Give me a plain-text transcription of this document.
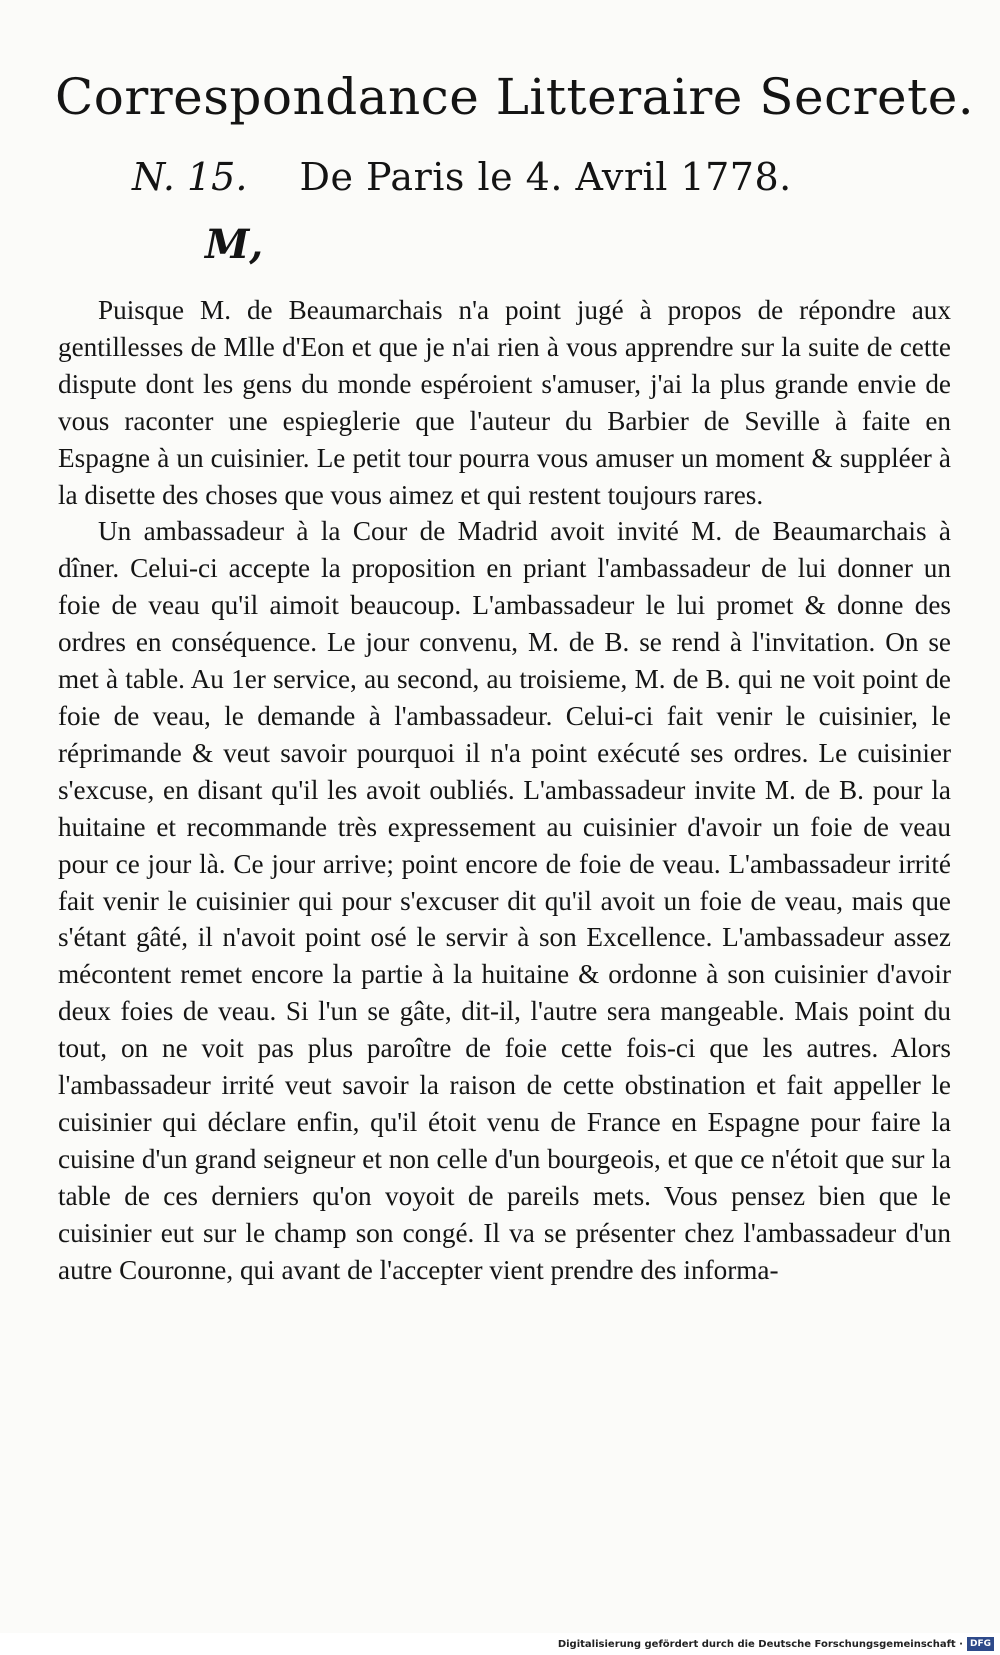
Correspondance Litteraire Secrete.
N. 15. De Paris le 4. Avril 1778.
M,

Puisque M. de Beaumarchais n'a point jugé à propos de répondre aux gentillesses de Mlle d'Eon et que je n'ai rien à vous apprendre sur la suite de cette dispute dont les gens du monde espéroient s'amuser, j'ai la plus grande envie de vous raconter une espieglerie que l'auteur du Barbier de Seville à faite en Espagne à un cuisinier. Le petit tour pourra vous amuser un moment & suppléer à la disette des choses que vous aimez et qui restent toujours rares.

Un ambassadeur à la Cour de Madrid avoit invité M. de Beaumarchais à dîner. Celui-ci accepte la proposition en priant l'ambassadeur de lui donner un foie de veau qu'il aimoit beaucoup. L'ambassadeur le lui promet & donne des ordres en conséquence. Le jour convenu, M. de B. se rend à l'invitation. On se met à table. Au 1er service, au second, au troisieme, M. de B. qui ne voit point de foie de veau, le demande à l'ambassadeur. Celui-ci fait venir le cuisinier, le réprimande & veut savoir pourquoi il n'a point exécuté ses ordres. Le cuisinier s'excuse, en disant qu'il les avoit oubliés. L'ambassadeur invite M. de B. pour la huitaine et recommande très expressement au cuisinier d'avoir un foie de veau pour ce jour là. Ce jour arrive; point encore de foie de veau. L'ambassadeur irrité fait venir le cuisinier qui pour s'excuser dit qu'il avoit un foie de veau, mais que s'étant gâté, il n'avoit point osé le servir à son Excellence. L'ambassadeur assez mécontent remet encore la partie à la huitaine & ordonne à son cuisinier d'avoir deux foies de veau. Si l'un se gâte, dit-il, l'autre sera mangeable. Mais point du tout, on ne voit pas plus paroître de foie cette fois-ci que les autres. Alors l'ambassadeur irrité veut savoir la raison de cette obstination et fait appeller le cuisinier qui déclare enfin, qu'il étoit venu de France en Espagne pour faire la cuisine d'un grand seigneur et non celle d'un bourgeois, et que ce n'étoit que sur la table de ces derniers qu'on voyoit de pareils mets. Vous pensez bien que le cuisinier eut sur le champ son congé. Il va se présenter chez l'ambassadeur d'un autre Couronne, qui avant de l'accepter vient prendre des informa-

Digitalisierung gefördert durch die Deutsche Forschungsgemeinschaft · DFG
